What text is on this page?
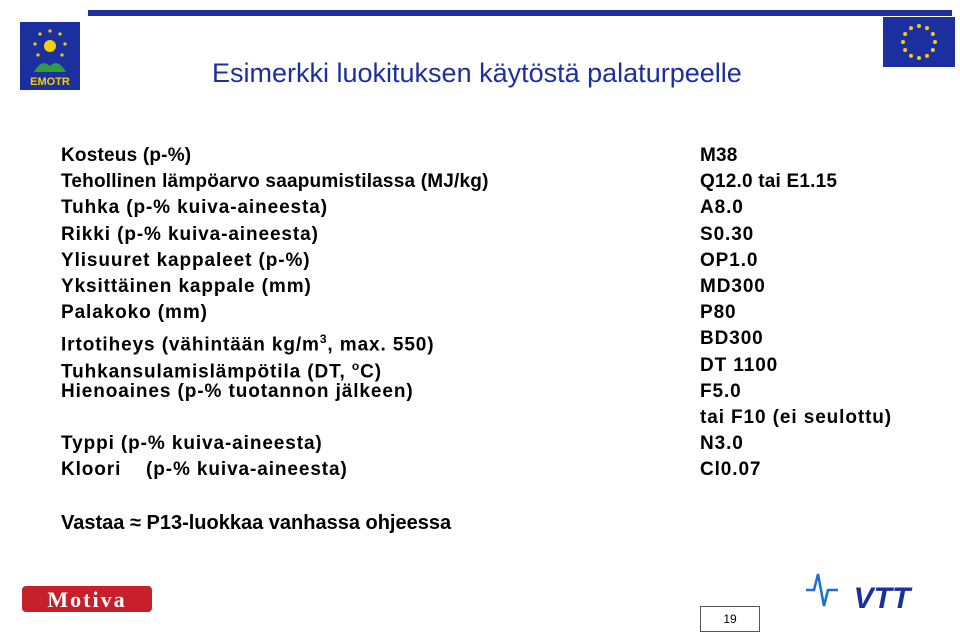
EMOTR	Esimerkki luokituksen käytöstä palaturpeelle
Kosteus (p-%)	M38
Tehollinen lämpöarvo saapumistilassa (MJ/kg)	Q12.0 tai E1.15
Tuhka (p-% kuiva-aineesta)	A8.0
Rikki (p-% kuiva-aineesta)	S0.30
Ylisuuret kappaleet (p-%)	OP1.0
Yksittäinen kappale (mm)	MD300
Palakoko (mm)	P80
Irtotiheys (vähintään $kg/m^3$, max. 550)	BD300
Tuhkansulamislämpötila (DT, $^o$C)	DT 1100
Hienoaines (p-% tuotannon jälkeen)	F5.0
tai F10 (ei seulottu)
Typpi (p-% kuiva-aineesta)	N3.0
Kloori    (p-% kuiva-aineesta)	Cl0.07
Vastaa ≈ P13-luokkaa vanhassa ohjeessa
Motiva
19
VTT
